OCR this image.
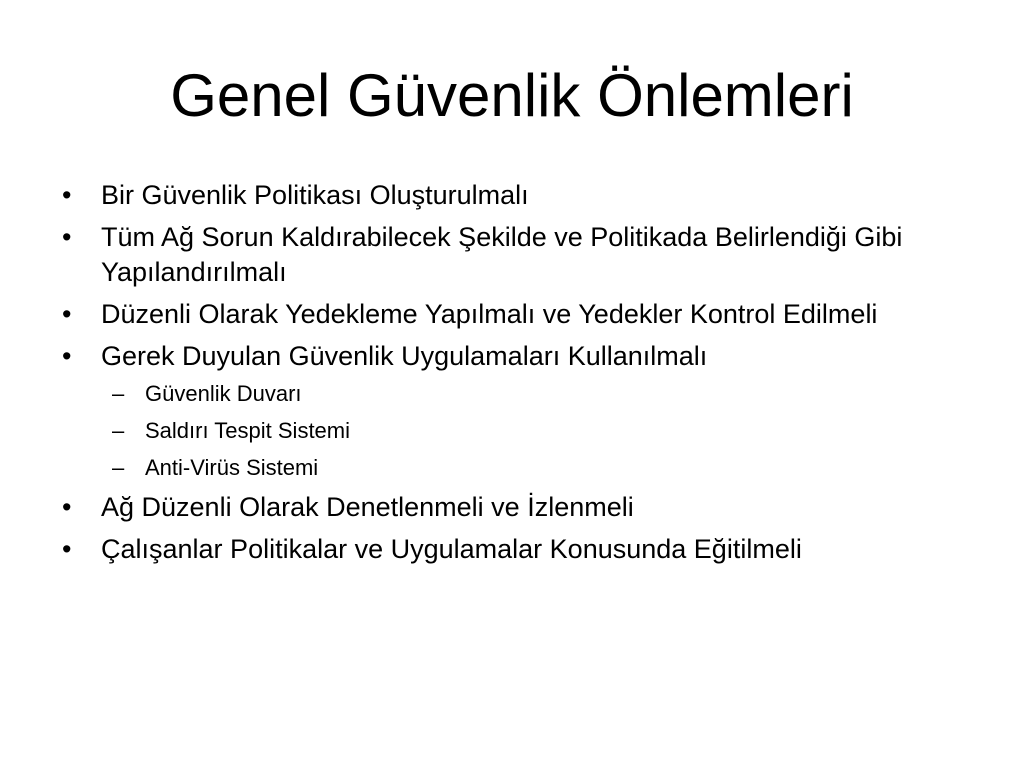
Genel Güvenlik Önlemleri
• Bir Güvenlik Politikası Oluşturulmalı
• Tüm Ağ Sorun Kaldırabilecek Şekilde ve Politikada Belirlendiği Gibi Yapılandırılmalı
• Düzenli Olarak Yedekleme Yapılmalı ve Yedekler Kontrol Edilmeli
• Gerek Duyulan Güvenlik Uygulamaları Kullanılmalı
– Güvenlik Duvarı
– Saldırı Tespit Sistemi
– Anti-Virüs Sistemi
• Ağ Düzenli Olarak Denetlenmeli ve İzlenmeli
• Çalışanlar Politikalar ve Uygulamalar Konusunda Eğitilmeli
